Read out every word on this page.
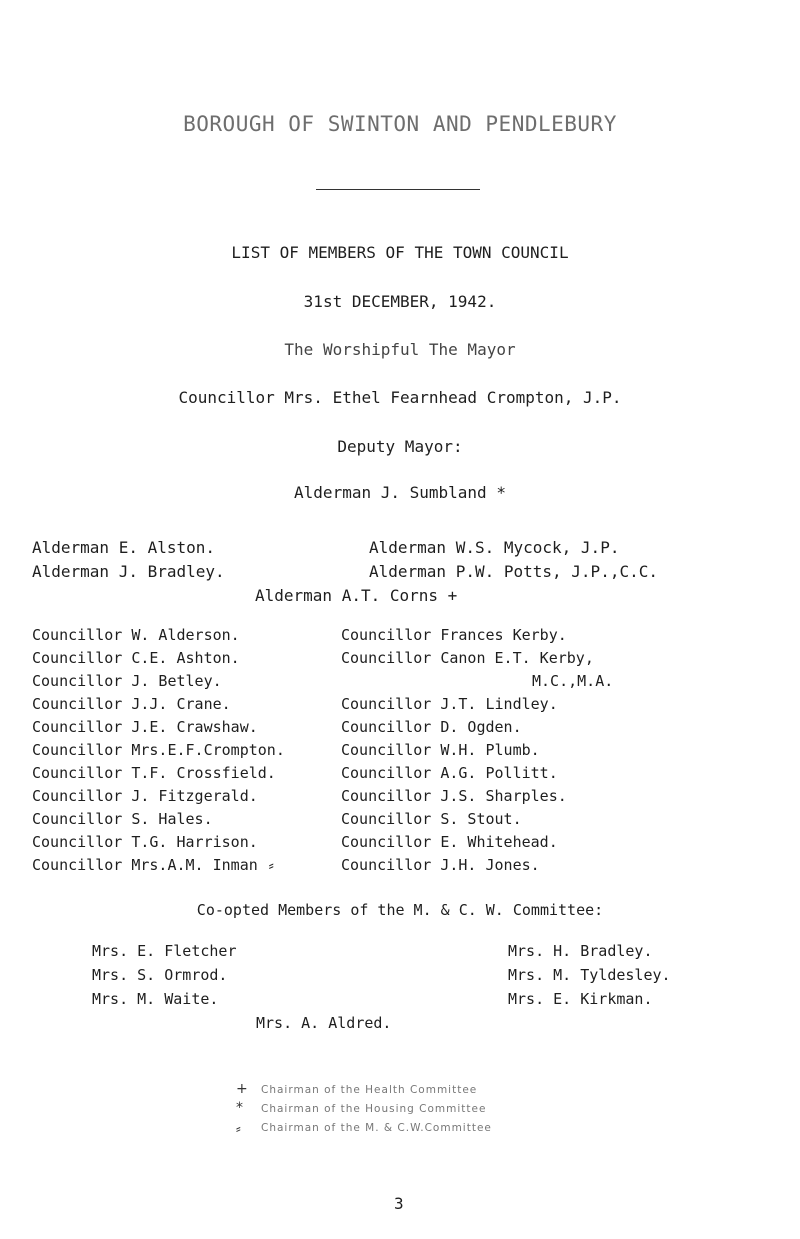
BOROUGH OF SWINTON AND PENDLEBURY
LIST OF MEMBERS OF THE TOWN COUNCIL
31st DECEMBER, 1942.
The Worshipful The Mayor
Councillor Mrs. Ethel Fearnhead Crompton, J.P.
Deputy Mayor:
Alderman J. Sumbland *
Alderman E. Alston.
Alderman J. Bradley.
Alderman W.S. Mycock, J.P.
Alderman P.W. Potts, J.P.,C.C.
Alderman A.T. Corns +
Councillor W. Alderson.
Councillor C.E. Ashton.
Councillor J. Betley.
Councillor J.J. Crane.
Councillor J.E. Crawshaw.
Councillor Mrs.E.F.Crompton.
Councillor T.F. Crossfield.
Councillor J. Fitzgerald.
Councillor S. Hales.
Councillor T.G. Harrison.
Councillor Mrs.A.M. Inman ⸗
Councillor Frances Kerby.
Councillor Canon E.T. Kerby,
M.C.,M.A.
Councillor J.T. Lindley.
Councillor D. Ogden.
Councillor W.H. Plumb.
Councillor A.G. Pollitt.
Councillor J.S. Sharples.
Councillor S. Stout.
Councillor E. Whitehead.
Councillor J.H. Jones.
Co-opted Members of the M. & C. W. Committee:
Mrs. E. Fletcher
Mrs. S. Ormrod.
Mrs. M. Waite.
Mrs. H. Bradley.
Mrs. M. Tyldesley.
Mrs. E. Kirkman.
Mrs. A. Aldred.
+ Chairman of the Health Committee
* Chairman of the Housing Committee
⸗ Chairman of the M. & C.W.Committee
3
